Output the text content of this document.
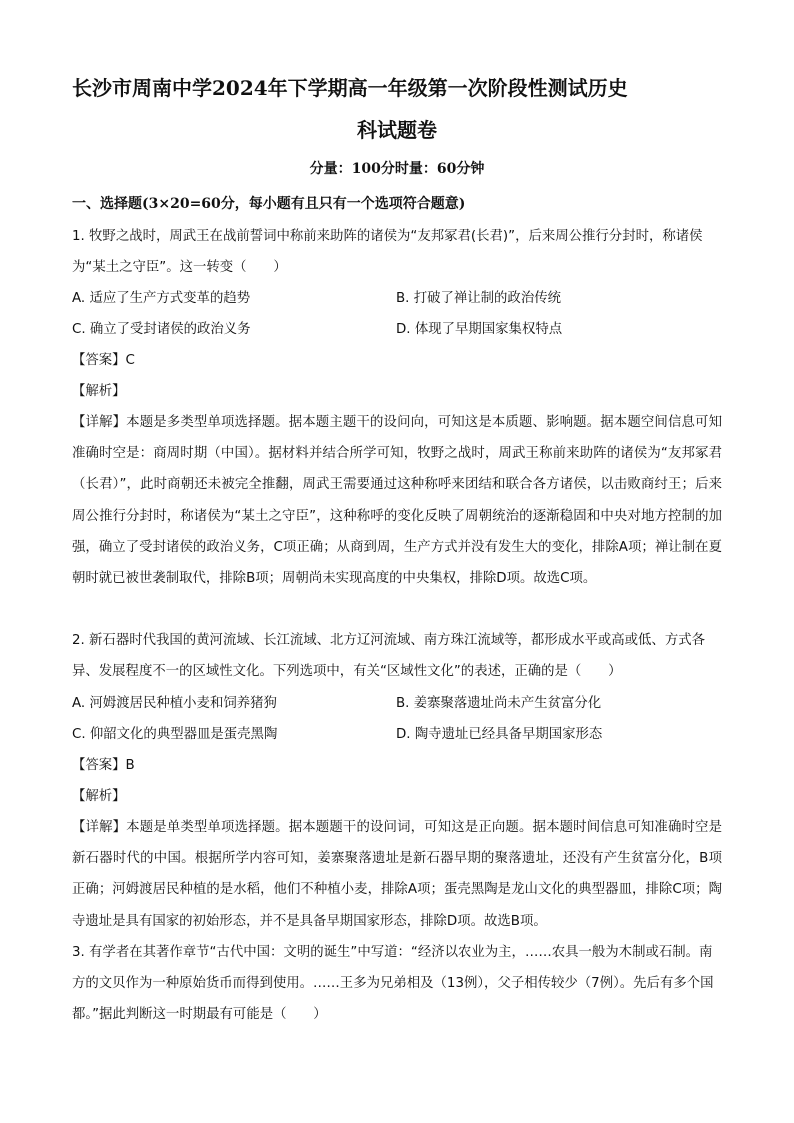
长沙市周南中学2024年下学期高一年级第一次阶段性测试历史
科试题卷
分量：100分时量：60分钟
一、选择题(3×20=60分，每小题有且只有一个选项符合题意)

1. 牧野之战时，周武王在战前誓词中称前来助阵的诸侯为“友邦冢君(长君)”，后来周公推行分封时，称诸侯为“某土之守臣”。这一转变（　　）

A. 适应了生产方式变革的趋势	B. 打破了禅让制的政治传统
C. 确立了受封诸侯的政治义务	D. 体现了早期国家集权特点
【答案】C
【解析】
【详解】本题是多类型单项选择题。据本题主题干的设问向，可知这是本质题、影响题。据本题空间信息可知准确时空是：商周时期（中国）。据材料并结合所学可知，牧野之战时，周武王称前来助阵的诸侯为“友邦冢君（长君）”，此时商朝还未被完全推翻，周武王需要通过这种称呼来团结和联合各方诸侯，以击败商纣王；后来周公推行分封时，称诸侯为“某土之守臣”，这种称呼的变化反映了周朝统治的逐渐稳固和中央对地方控制的加强，确立了受封诸侯的政治义务，C项正确；从商到周，生产方式并没有发生大的变化，排除A项；禅让制在夏朝时就已被世袭制取代，排除B项；周朝尚未实现高度的中央集权，排除D项。故选C项。

2. 新石器时代我国的黄河流域、长江流域、北方辽河流域、南方珠江流域等，都形成水平或高或低、方式各异、发展程度不一的区域性文化。下列选项中，有关“区域性文化”的表述，正确的是（　　）

A. 河姆渡居民种植小麦和饲养猪狗	B. 姜寨聚落遗址尚未产生贫富分化
C. 仰韶文化的典型器皿是蛋壳黑陶	D. 陶寺遗址已经具备早期国家形态
【答案】B
【解析】
【详解】本题是单类型单项选择题。据本题题干的设问词，可知这是正向题。据本题时间信息可知准确时空是新石器时代的中国。根据所学内容可知，姜寨聚落遗址是新石器早期的聚落遗址，还没有产生贫富分化，B项正确；河姆渡居民种植的是水稻，他们不种植小麦，排除A项；蛋壳黑陶是龙山文化的典型器皿，排除C项；陶寺遗址是具有国家的初始形态，并不是具备早期国家形态，排除D项。故选B项。

3. 有学者在其著作章节“古代中国：文明的诞生”中写道：“经济以农业为主，……农具一般为木制或石制。南方的文贝作为一种原始货币而得到使用。……王多为兄弟相及（13例），父子相传较少（7例）。先后有多个国都。”据此判断这一时期最有可能是（　　）
